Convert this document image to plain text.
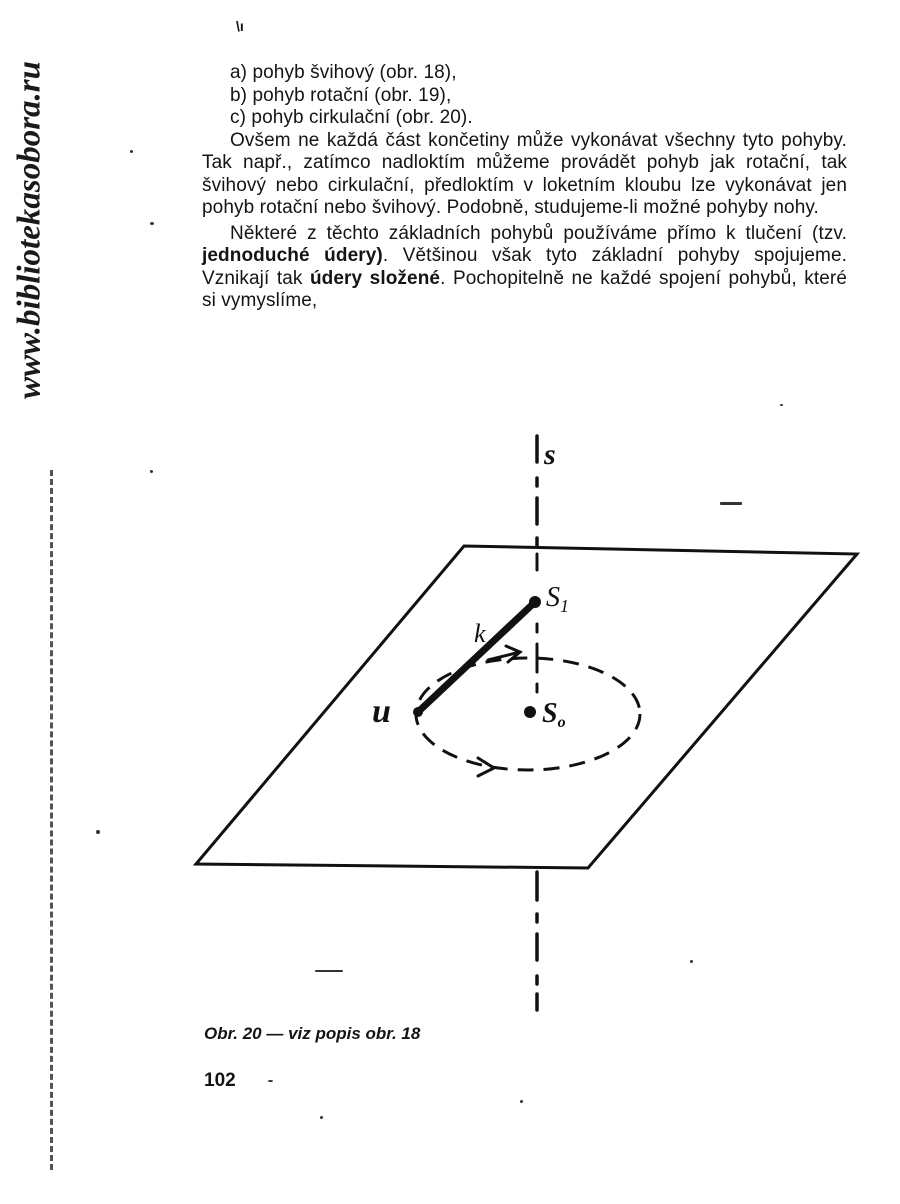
www.bibliotekasobora.ru
\ı
a) pohyb švihový (obr. 18),
b) pohyb rotační (obr. 19),
c) pohyb cirkulační (obr. 20).

Ovšem ne každá část končetiny může vykonávat všechny tyto pohyby. Tak např., zatímco nadloktím můžeme provádět pohyb jak rotační, tak švihový nebo cirkulační, předloktím v loketním kloubu lze vykonávat jen pohyb rotační nebo švihový. Podobně, studujeme-li možné pohyby nohy.

Některé z těchto základních pohybů používáme přímo k tlučení (tzv. jednoduché údery). Většinou však tyto základní pohyby spojujeme. Vznikají tak údery složené. Pochopitelně ne každé spojení pohybů, které si vymyslíme,

s
$S_1$
So
k
u
Obr. 20 — viz popis obr. 18
102
